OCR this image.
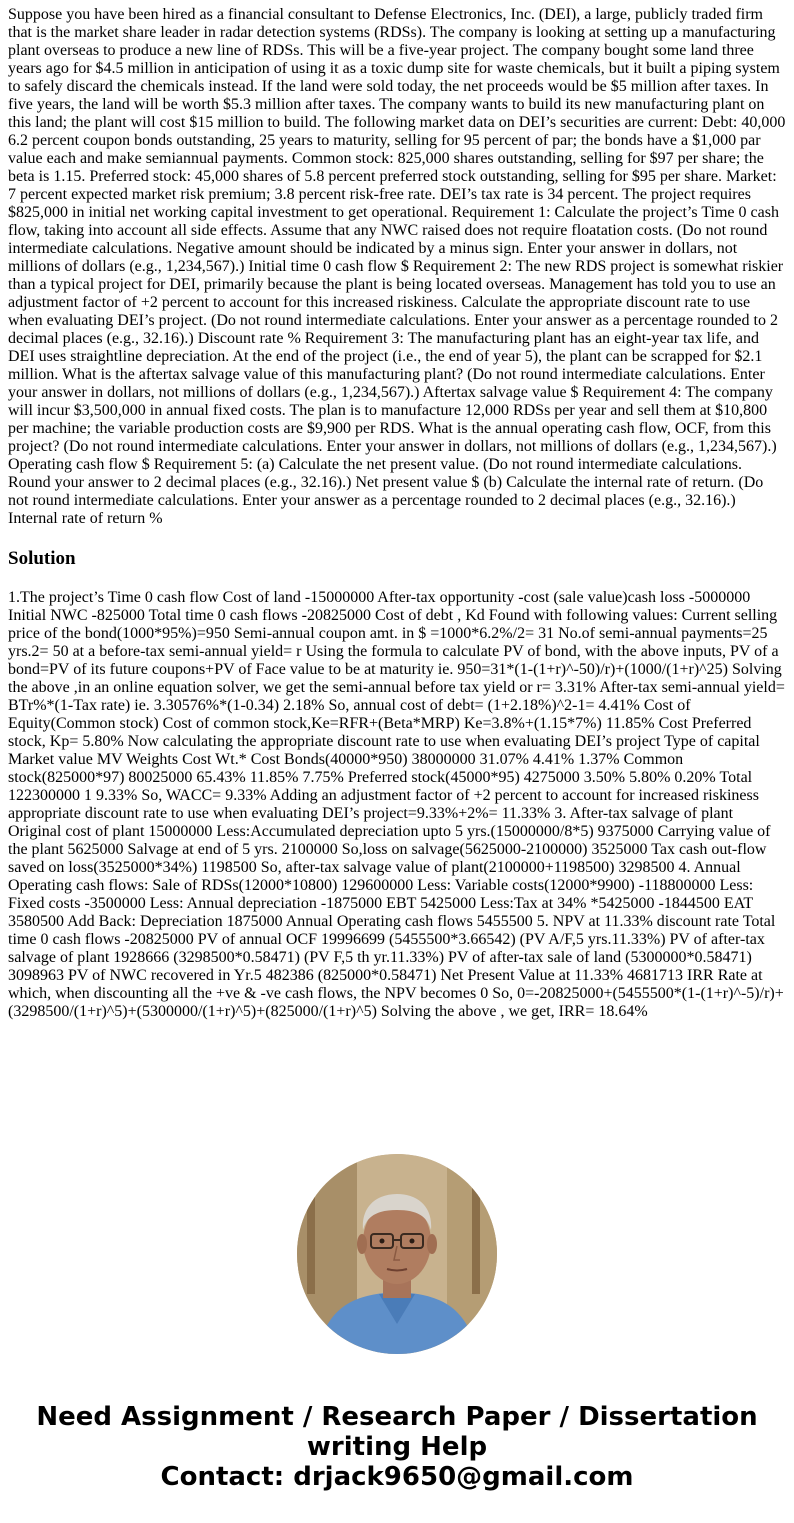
Suppose you have been hired as a financial consultant to Defense Electronics, Inc. (DEI), a large, publicly traded firm that is the market share leader in radar detection systems (RDSs). The company is looking at setting up a manufacturing plant overseas to produce a new line of RDSs. This will be a five-year project. The company bought some land three years ago for $4.5 million in anticipation of using it as a toxic dump site for waste chemicals, but it built a piping system to safely discard the chemicals instead. If the land were sold today, the net proceeds would be $5 million after taxes. In five years, the land will be worth $5.3 million after taxes. The company wants to build its new manufacturing plant on this land; the plant will cost $15 million to build. The following market data on DEI’s securities are current: Debt: 40,000 6.2 percent coupon bonds outstanding, 25 years to maturity, selling for 95 percent of par; the bonds have a $1,000 par value each and make semiannual payments. Common stock: 825,000 shares outstanding, selling for $97 per share; the beta is 1.15. Preferred stock: 45,000 shares of 5.8 percent preferred stock outstanding, selling for $95 per share. Market: 7 percent expected market risk premium; 3.8 percent risk-free rate. DEI’s tax rate is 34 percent. The project requires $825,000 in initial net working capital investment to get operational. Requirement 1: Calculate the project’s Time 0 cash flow, taking into account all side effects. Assume that any NWC raised does not require floatation costs. (Do not round intermediate calculations. Negative amount should be indicated by a minus sign. Enter your answer in dollars, not millions of dollars (e.g., 1,234,567).) Initial time 0 cash flow $ Requirement 2: The new RDS project is somewhat riskier than a typical project for DEI, primarily because the plant is being located overseas. Management has told you to use an adjustment factor of +2 percent to account for this increased riskiness. Calculate the appropriate discount rate to use when evaluating DEI’s project. (Do not round intermediate calculations. Enter your answer as a percentage rounded to 2 decimal places (e.g., 32.16).) Discount rate % Requirement 3: The manufacturing plant has an eight-year tax life, and DEI uses straightline depreciation. At the end of the project (i.e., the end of year 5), the plant can be scrapped for $2.1 million. What is the aftertax salvage value of this manufacturing plant? (Do not round intermediate calculations. Enter your answer in dollars, not millions of dollars (e.g., 1,234,567).) Aftertax salvage value $ Requirement 4: The company will incur $3,500,000 in annual fixed costs. The plan is to manufacture 12,000 RDSs per year and sell them at $10,800 per machine; the variable production costs are $9,900 per RDS. What is the annual operating cash flow, OCF, from this project? (Do not round intermediate calculations. Enter your answer in dollars, not millions of dollars (e.g., 1,234,567).) Operating cash flow $ Requirement 5: (a) Calculate the net present value. (Do not round intermediate calculations. Round your answer to 2 decimal places (e.g., 32.16).) Net present value $ (b) Calculate the internal rate of return. (Do not round intermediate calculations. Enter your answer as a percentage rounded to 2 decimal places (e.g., 32.16).) Internal rate of return %

Solution

1.The project’s Time 0 cash flow Cost of land -15000000 After-tax opportunity -cost (sale value)cash loss -5000000 Initial NWC -825000 Total time 0 cash flows -20825000 Cost of debt , Kd Found with following values: Current selling price of the bond(1000*95%)=950 Semi-annual coupon amt. in $ =1000*6.2%/2= 31 No.of semi-annual payments=25 yrs.2= 50 at a before-tax semi-annual yield= r Using the formula to calculate PV of bond, with the above inputs, PV of a bond=PV of its future coupons+PV of Face value to be at maturity ie. 950=31*(1-(1+r)^-50)/r)+(1000/(1+r)^25) Solving the above ,in an online equation solver, we get the semi-annual before tax yield or r= 3.31% After-tax semi-annual yield= BTr%*(1-Tax rate) ie. 3.30576%*(1-0.34) 2.18% So, annual cost of debt= (1+2.18%)^2-1= 4.41% Cost of Equity(Common stock) Cost of common stock,Ke=RFR+(Beta*MRP) Ke=3.8%+(1.15*7%) 11.85% Cost Preferred stock, Kp= 5.80% Now calculating the appropriate discount rate to use when evaluating DEI’s project Type of capital Market value MV Weights Cost Wt.* Cost Bonds(40000*950) 38000000 31.07% 4.41% 1.37% Common stock(825000*97) 80025000 65.43% 11.85% 7.75% Preferred stock(45000*95) 4275000 3.50% 5.80% 0.20% Total 122300000 1 9.33% So, WACC= 9.33% Adding an adjustment factor of +2 percent to account for increased riskiness appropriate discount rate to use when evaluating DEI’s project=9.33%+2%= 11.33% 3. After-tax salvage of plant Original cost of plant 15000000 Less:Accumulated depreciation upto 5 yrs.(15000000/8*5) 9375000 Carrying value of the plant 5625000 Salvage at end of 5 yrs. 2100000 So,loss on salvage(5625000-2100000) 3525000 Tax cash out-flow saved on loss(3525000*34%) 1198500 So, after-tax salvage value of plant(2100000+1198500) 3298500 4. Annual Operating cash flows: Sale of RDSs(12000*10800) 129600000 Less: Variable costs(12000*9900) -118800000 Less: Fixed costs -3500000 Less: Annual depreciation -1875000 EBT 5425000 Less:Tax at 34% *5425000 -1844500 EAT 3580500 Add Back: Depreciation 1875000 Annual Operating cash flows 5455500 5. NPV at 11.33% discount rate Total time 0 cash flows -20825000 PV of annual OCF 19996699 (5455500*3.66542) (PV A/F,5 yrs.11.33%) PV of after-tax salvage of plant 1928666 (3298500*0.58471) (PV F,5 th yr.11.33%) PV of after-tax sale of land (5300000*0.58471) 3098963 PV of NWC recovered in Yr.5 482386 (825000*0.58471) Net Present Value at 11.33% 4681713 IRR Rate at which, when discounting all the +ve & -ve cash flows, the NPV becomes 0 So, 0=-20825000+(5455500*(1-(1+r)^-5)/r)+(3298500/(1+r)^5)+(5300000/(1+r)^5)+(825000/(1+r)^5) Solving the above , we get, IRR= 18.64%

Need Assignment / Research Paper / Dissertation
writing Help
Contact: drjack9650@gmail.com
